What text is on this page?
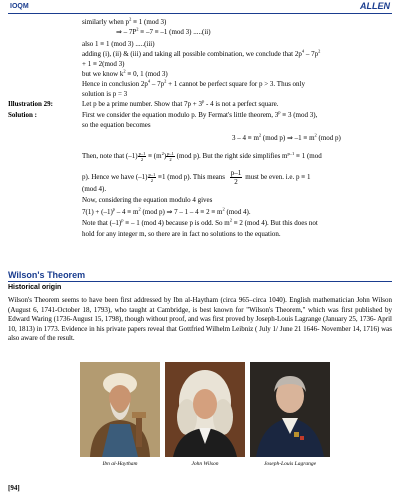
IOQM	ALLEN
similarly when $p^2 \equiv 1$ (mod 3)
⇒ – $7P^2 \equiv -7 \equiv -1$ (mod 3) .....(ii)
also 1 ≡ 1 (mod 3) .....(iii)
adding (i), (ii) & (iii) and taking all possible combination, we conclude that $2p^4 - 7p^2$
+ 1 ≡ 2(mod 3)
but we know $k^2 \equiv 0$, 1 (mod 3)
Hence in conclusion $2p^4 - 7p^2 + 1$ cannot be perfect square for p > 3. Thus only
solution is p = 3
Illustration 29:	Let p be a prime number. Show that $7p + 3^p - 4$ is not a perfect square.
Solution :	First we consider the equation modulo p. By Fermat's little theorem, $3^p \equiv 3$ (mod 3),
so the equation becomes
$3 - 4 \equiv m^2$ (mod p) ⇒ $-1 \equiv m^2$ (mod p)
Then, note that $(-1) \frac{p-1}{2} \equiv (m^2) \frac{p-1}{2} (mod$ p). But the right side simplifies $m^{p-1} \equiv 1$ (mod
p). Hence we have $(-1) \frac{p-1}{2} \equiv 1$ (mod p). This means $\frac{p-1}{2}$ must be even. i.e. p ≡ 1
(mod 4).
Now, considering the equation modulo 4 gives
$7(1) + (-1)^p - 4 \equiv m^2$ (mod p) ⇒ $7 - 1 - 4 \equiv 2 \equiv m^2$ (mod 4).
Note that $(-1)^p$ ≡ – 1 (mod 4) because p is odd. So $m^2 \equiv 2$ (mod 4). But this does not
hold for any integer m, so there are in fact no solutions to the equation.
Wilson's Theorem
Historical origin
Wilson's Theorem seems to have been first addressed by Ibn al-Haytham (circa 965–circa 1040). English mathematician John Wilson (August 6, 1741-October 18, 1793), who taught at Cambridge, is best known for "Wilson's Theorem," which was first published by Edward Waring (1736-August 15, 1798), though without proof, and was first proved by Joseph-Louis Lagrange (January 25, 1736- April 10, 1813) in 1773. Evidence in his private papers reveal that Gottfried Wilhelm Leibniz ( July 1/ June 21 1646- November 14, 1716) was also aware of the result.
Ibn al-Haytham	John Wilson	Joseph-Louis Lagrange
[94]
